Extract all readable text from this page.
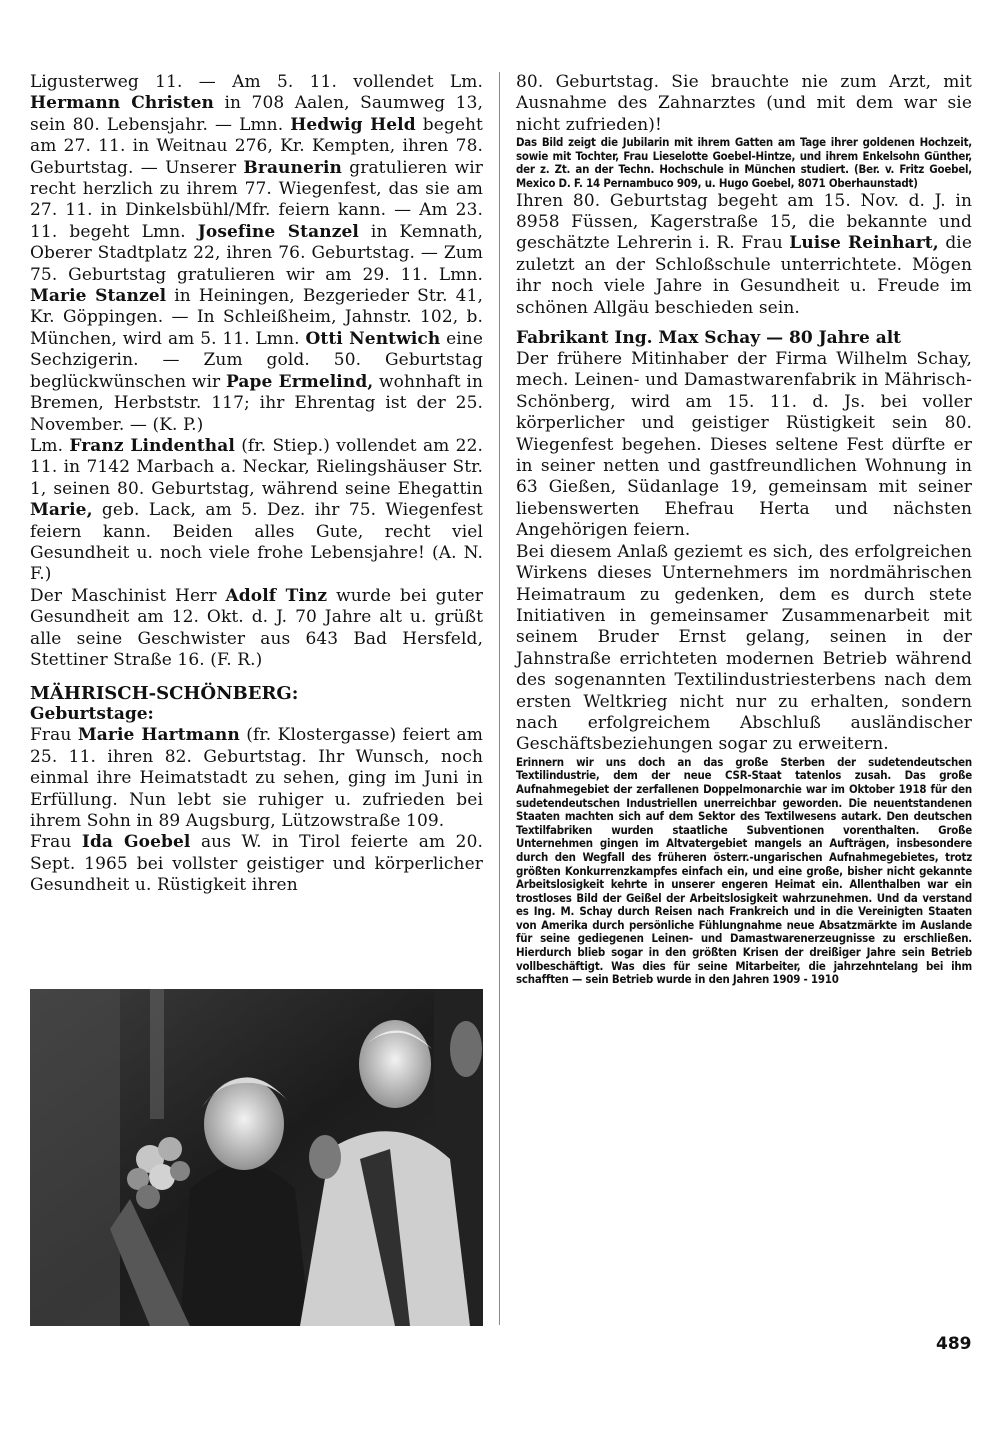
Ligusterweg 11. — Am 5. 11. vollendet Lm. Hermann Christen in 708 Aalen, Saumweg 13, sein 80. Lebensjahr. — Lmn. Hedwig Held begeht am 27. 11. in Weitnau 276, Kr. Kempten, ihren 78. Geburtstag. — Unserer Braunerin gratulieren wir recht herzlich zu ihrem 77. Wiegenfest, das sie am 27. 11. in Dinkelsbühl/Mfr. feiern kann. — Am 23. 11. begeht Lmn. Josefine Stanzel in Kemnath, Oberer Stadtplatz 22, ihren 76. Geburtstag. — Zum 75. Geburtstag gratulieren wir am 29. 11. Lmn. Marie Stanzel in Heiningen, Bezgerieder Str. 41, Kr. Göppingen. — In Schleißheim, Jahnstr. 102, b. München, wird am 5. 11. Lmn. Otti Nentwich eine Sechzigerin. — Zum gold. 50. Geburtstag beglückwünschen wir Pape Ermelind, wohnhaft in Bremen, Herbststr. 117; ihr Ehrentag ist der 25. November. — (K. P.)

Lm. Franz Lindenthal (fr. Stiep.) vollendet am 22. 11. in 7142 Marbach a. Neckar, Rielingshäuser Str. 1, seinen 80. Geburtstag, während seine Ehegattin Marie, geb. Lack, am 5. Dez. ihr 75. Wiegenfest feiern kann. Beiden alles Gute, recht viel Gesundheit u. noch viele frohe Lebensjahre! (A. N. F.)

Der Maschinist Herr Adolf Tinz wurde bei guter Gesundheit am 12. Okt. d. J. 70 Jahre alt u. grüßt alle seine Geschwister aus 643 Bad Hersfeld, Stettiner Straße 16. (F. R.)

MÄHRISCH-SCHÖNBERG:
Geburtstage:

Frau Marie Hartmann (fr. Klostergasse) feiert am 25. 11. ihren 82. Geburtstag. Ihr Wunsch, noch einmal ihre Heimatstadt zu sehen, ging im Juni in Erfüllung. Nun lebt sie ruhiger u. zufrieden bei ihrem Sohn in 89 Augsburg, Lützowstraße 109.

Frau Ida Goebel aus W. in Tirol feierte am 20. Sept. 1965 bei vollster geistiger und körperlicher Gesundheit u. Rüstigkeit ihren

80. Geburtstag. Sie brauchte nie zum Arzt, mit Ausnahme des Zahnarztes (und mit dem war sie nicht zufrieden)!

Das Bild zeigt die Jubilarin mit ihrem Gatten am Tage ihrer goldenen Hochzeit, sowie mit Tochter, Frau Lieselotte Goebel-Hintze, und ihrem Enkelsohn Günther, der z. Zt. an der Techn. Hochschule in München studiert. (Ber. v. Fritz Goebel, Mexico D. F. 14 Pernambuco 909, u. Hugo Goebel, 8071 Oberhaunstadt)

Ihren 80. Geburtstag begeht am 15. Nov. d. J. in 8958 Füssen, Kagerstraße 15, die bekannte und geschätzte Lehrerin i. R. Frau Luise Reinhart, die zuletzt an der Schloßschule unterrichtete. Mögen ihr noch viele Jahre in Gesundheit u. Freude im schönen Allgäu beschieden sein.

Fabrikant Ing. Max Schay — 80 Jahre alt

Der frühere Mitinhaber der Firma Wilhelm Schay, mech. Leinen- und Damastwarenfabrik in Mährisch-Schönberg, wird am 15. 11. d. Js. bei voller körperlicher und geistiger Rüstigkeit sein 80. Wiegenfest begehen. Dieses seltene Fest dürfte er in seiner netten und gastfreundlichen Wohnung in 63 Gießen, Südanlage 19, gemeinsam mit seiner liebenswerten Ehefrau Herta und nächsten Angehörigen feiern.

Bei diesem Anlaß geziemt es sich, des erfolgreichen Wirkens dieses Unternehmers im nordmährischen Heimatraum zu gedenken, dem es durch stete Initiativen in gemeinsamer Zusammenarbeit mit seinem Bruder Ernst gelang, seinen in der Jahnstraße errichteten modernen Betrieb während des sogenannten Textilindustriesterbens nach dem ersten Weltkrieg nicht nur zu erhalten, sondern nach erfolgreichem Abschluß ausländischer Geschäftsbeziehungen sogar zu erweitern.

Erinnern wir uns doch an das große Sterben der sudetendeutschen Textilindustrie, dem der neue CSR-Staat tatenlos zusah. Das große Aufnahmegebiet der zerfallenen Doppelmonarchie war im Oktober 1918 für den sudetendeutschen Industriellen unerreichbar geworden. Die neuentstandenen Staaten machten sich auf dem Sektor des Textilwesens autark. Den deutschen Textilfabriken wurden staatliche Subventionen vorenthalten. Große Unternehmen gingen im Altvatergebiet mangels an Aufträgen, insbesondere durch den Wegfall des früheren österr.-ungarischen Aufnahmegebietes, trotz größten Konkurrenzkampfes einfach ein, und eine große, bisher nicht gekannte Arbeitslosigkeit kehrte in unserer engeren Heimat ein. Allenthalben war ein trostloses Bild der Geißel der Arbeitslosigkeit wahrzunehmen. Und da verstand es Ing. M. Schay durch Reisen nach Frankreich und in die Vereinigten Staaten von Amerika durch persönliche Fühlungnahme neue Absatzmärkte im Auslande für seine gediegenen Leinen- und Damastwarenerzeugnisse zu erschließen. Hierdurch blieb sogar in den größten Krisen der dreißiger Jahre sein Betrieb vollbeschäftigt. Was dies für seine Mitarbeiter, die jahrzehntelang bei ihm schafften — sein Betrieb wurde in den Jahren 1909 - 1910

489
